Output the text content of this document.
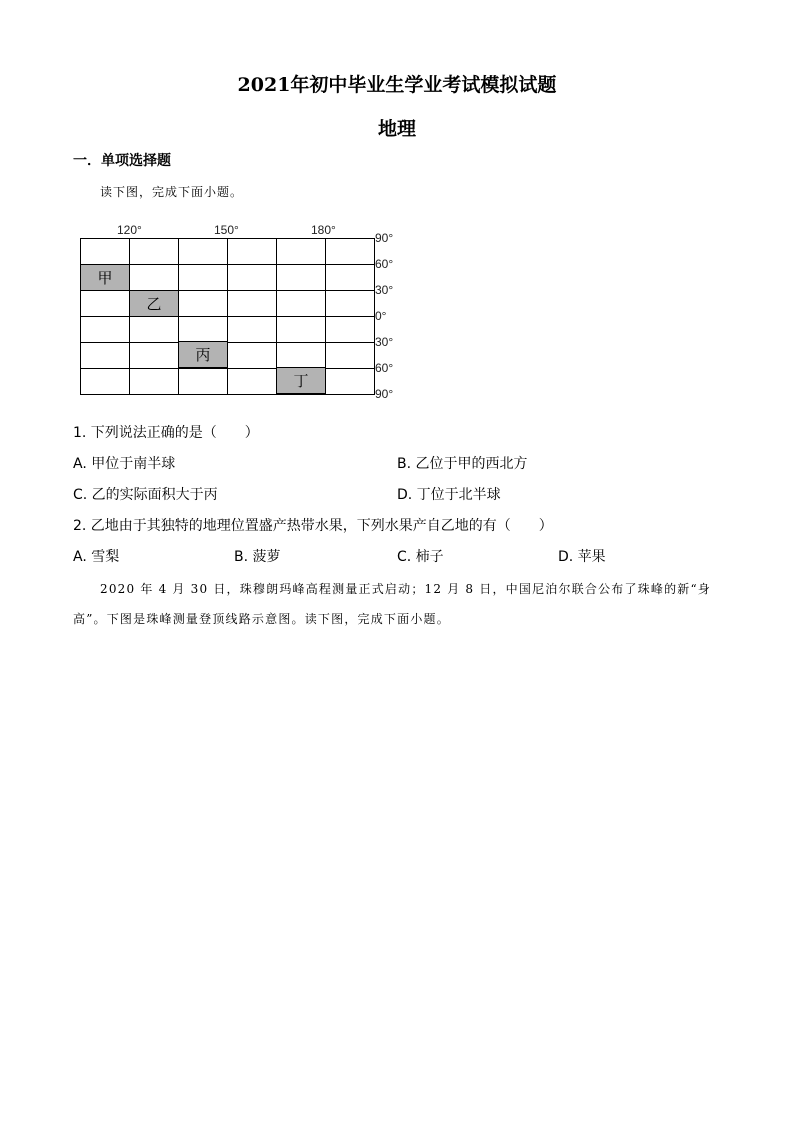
2021年初中毕业生学业考试模拟试题
地理
一．单项选择题
读下图，完成下面小题。
120°	150°	180°
90°
60°
30°
0°
30°
60°
90°
甲
乙
丙
丁
1. 下列说法正确的是（　　）
A. 甲位于南半球	B. 乙位于甲的西北方
C. 乙的实际面积大于丙	D. 丁位于北半球
2. 乙地由于其独特的地理位置盛产热带水果，下列水果产自乙地的有（　　）
A. 雪梨	B. 菠萝	C. 柿子	D. 苹果
2020 年 4 月 30 日，珠穆朗玛峰高程测量正式启动；12 月 8 日，中国尼泊尔联合公布了珠峰的新“身
高”。下图是珠峰测量登顶线路示意图。读下图，完成下面小题。
